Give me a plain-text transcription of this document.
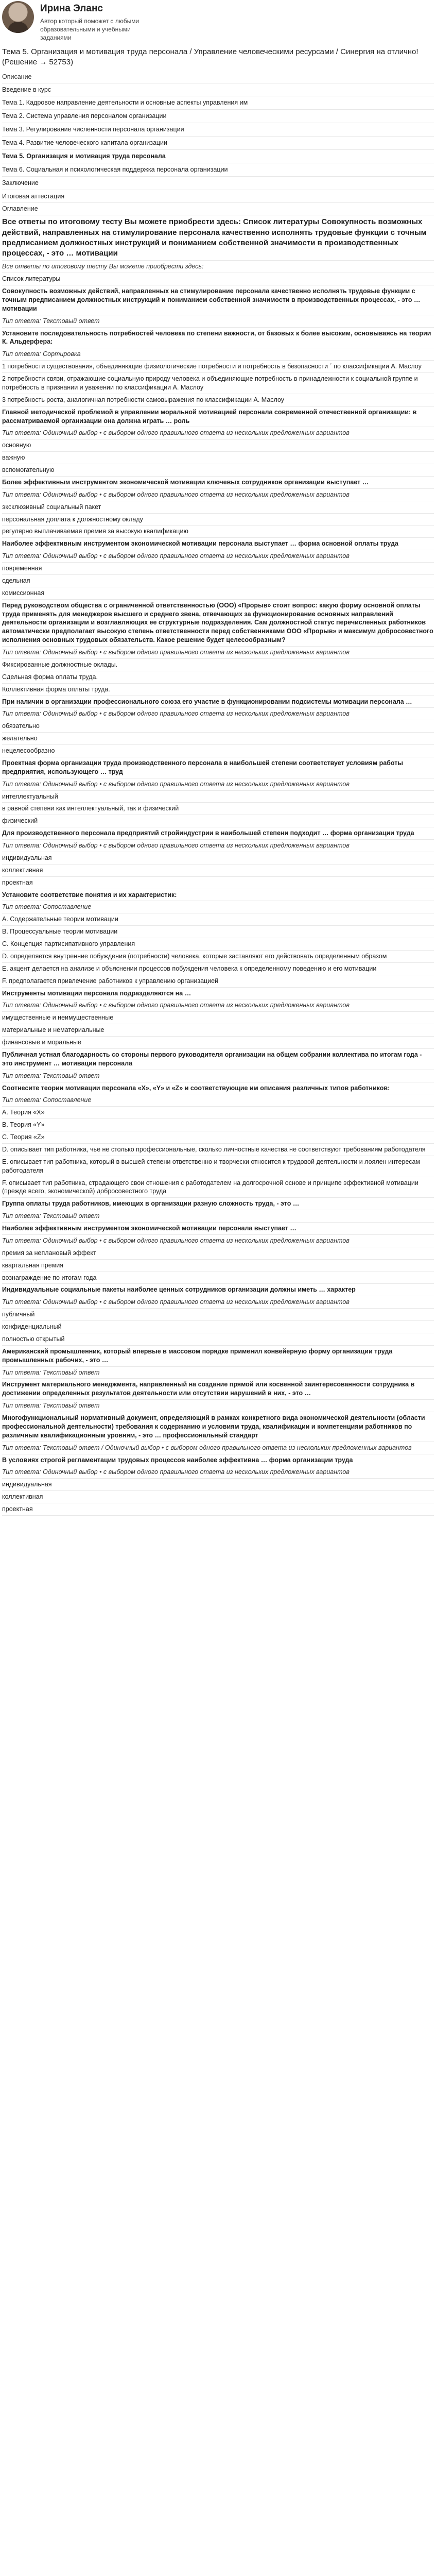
Ирина Эланс
Автор который поможет с любыми образовательными и учебными заданиями
Тема 5. Организация и мотивация труда персонала / Управление человеческими ресурсами / Синергия на отлично! (Решение → 52753)
Описание
Введение в курс
Тема 1. Кадровое направление деятельности и основные аспекты управления им
Тема 2. Система управления персоналом организации
Тема 3. Регулирование численности персонала организации
Тема 4. Развитие человеческого капитала организации
Тема 5. Организация и мотивация труда персонала
Тема 6. Социальная и психологическая поддержка персонала организации
Заключение
Итоговая аттестация
Оглавление
Все ответы по итоговому тесту Вы можете приобрести здесь: Список литературы Совокупность возможных действий, направленных на стимулирование персонала качественно исполнять трудовые функции с точным предписанием должностных инструкций и пониманием собственной значимости в производственных процессах, - это … мотивации
Все ответы по итоговому тесту Вы можете приобрести здесь:
Список литературы
Совокупность возможных действий, направленных на стимулирование персонала качественно исполнять трудовые функции с точным предписанием должностных инструкций и пониманием собственной значимости в производственных процессах, - это … мотивации
Тип ответа: Текстовый ответ
Установите последовательность потребностей человека по степени важности, от базовых к более высоким, основываясь на теории К. Альдерфера:
Тип ответа: Сортировка
1 потребности существования, объединяющие физиологические потребности и потребность в безопасности ´ по классификации А. Маслоу
2 потребности связи, отражающие социальную природу человека и объединяющие потребность в принадлежности к социальной группе и потребность в признании и уважении по классификации А. Маслоу
3 потребность роста, аналогичная потребности самовыражения по классификации А. Маслоу
Главной методической проблемой в управлении моральной мотивацией персонала современной отечественной организации: в рассматриваемой организации она должна играть … роль
Тип ответа: Одиночный выбор • с выбором одного правильного ответа из нескольких предложенных вариантов
основную
важную
вспомогательную
Более эффективным инструментом экономической мотивации ключевых сотрудников организации выступает …
Тип ответа: Одиночный выбор • с выбором одного правильного ответа из нескольких предложенных вариантов
эксклюзивный социальный пакет
персональная доплата к должностному окладу
регулярно выплачиваемая премия за высокую квалификацию
Наиболее эффективным инструментом экономической мотивации персонала выступает … форма основной оплаты труда
Тип ответа: Одиночный выбор • с выбором одного правильного ответа из нескольких предложенных вариантов
повременная
сдельная
комиссионная
Перед руководством общества с ограниченной ответственностью (ООО) «Прорыв» стоит вопрос: какую форму основной оплаты труда применять для менеджеров высшего и среднего звена, отвечающих за функционирование основных направлений деятельности организации и возглавляющих ее структурные подразделения. Сам должностной статус перечисленных работников автоматически предполагает высокую степень ответственности перед собственниками ООО «Прорыв» и максимум добросовестного исполнения основных трудовых обязательств. Какое решение будет целесообразным?
Тип ответа: Одиночный выбор • с выбором одного правильного ответа из нескольких предложенных вариантов
Фиксированные должностные оклады.
Сдельная форма оплаты труда.
Коллективная форма оплаты труда.
При наличии в организации профессионального союза его участие в функционировании подсистемы мотивации персонала …
Тип ответа: Одиночный выбор • с выбором одного правильного ответа из нескольких предложенных вариантов
обязательно
желательно
нецелесообразно
Проектная форма организации труда производственного персонала в наибольшей степени соответствует условиям работы предприятия, использующего … труд
Тип ответа: Одиночный выбор • с выбором одного правильного ответа из нескольких предложенных вариантов
интеллектуальный
в равной степени как интеллектуальный, так и физический
физический
Для производственного персонала предприятий стройиндустрии в наибольшей степени подходит … форма организации труда
Тип ответа: Одиночный выбор • с выбором одного правильного ответа из нескольких предложенных вариантов
индивидуальная
коллективная
проектная
Установите соответствие понятия и их характеристик:
Тип ответа: Сопоставление
A. Содержательные теории мотивации
B. Процессуальные теории мотивации
C. Концепция партисипативного управления
D. определяется внутренние побуждения (потребности) человека, которые заставляют его действовать определенным образом
E. акцент делается на анализе и объяснении процессов побуждения человека к определенному поведению и его мотивации
F. предполагается привлечение работников к управлению организацией
Инструменты мотивации персонала подразделяются на …
Тип ответа: Одиночный выбор • с выбором одного правильного ответа из нескольких предложенных вариантов
имущественные и неимущественные
материальные и нематериальные
финансовые и моральные
Публичная устная благодарность со стороны первого руководителя организации на общем собрании коллектива по итогам года - это инструмент … мотивации персонала
Тип ответа: Текстовый ответ
Соотнесите теории мотивации персонала «X», «Y» и «Z» и соответствующие им описания различных типов работников:
Тип ответа: Сопоставление
A. Теория «X»
B. Теория «Y»
C. Теория «Z»
D. описывает тип работника, чье не столько профессиональные, сколько личностные качества не соответствуют требованиям работодателя
E. описывает тип работника, который в высшей степени ответственно и творчески относится к трудовой деятельности и лоялен интересам работодателя
F. описывает тип работника, страдающего свои отношения с работодателем на долгосрочной основе и принципе эффективной мотивации (прежде всего, экономической) добросовестного труда
Группа оплаты труда работников, имеющих в организации разную сложность труда, - это …
Тип ответа: Текстовый ответ
Наиболее эффективным инструментом экономической мотивации персонала выступает …
Тип ответа: Одиночный выбор • с выбором одного правильного ответа из нескольких предложенных вариантов
премия за неплановый эффект
квартальная премия
вознаграждение по итогам года
Индивидуальные социальные пакеты наиболее ценных сотрудников организации должны иметь … характер
Тип ответа: Одиночный выбор • с выбором одного правильного ответа из нескольких предложенных вариантов
публичный
конфиденциальный
полностью открытый
Американский промышленник, который впервые в массовом порядке применил конвейерную форму организации труда промышленных рабочих, - это …
Тип ответа: Текстовый ответ
Инструмент материального менеджмента, направленный на создание прямой или косвенной заинтересованности сотрудника в достижении определенных результатов деятельности или отсутствии нарушений в них, - это …
Тип ответа: Текстовый ответ
Многофункциональный нормативный документ, определяющий в рамках конкретного вида экономической деятельности (области профессиональной деятельности) требования к содержанию и условиям труда, квалификации и компетенциям работников по различным квалификационным уровням, - это … профессиональный стандарт
Тип ответа: Текстовый ответ / Одиночный выбор • с выбором одного правильного ответа из нескольких предложенных вариантов
В условиях строгой регламентации трудовых процессов наиболее эффективна … форма организации труда
Тип ответа: Одиночный выбор • с выбором одного правильного ответа из нескольких предложенных вариантов
индивидуальная
коллективная
проектная
